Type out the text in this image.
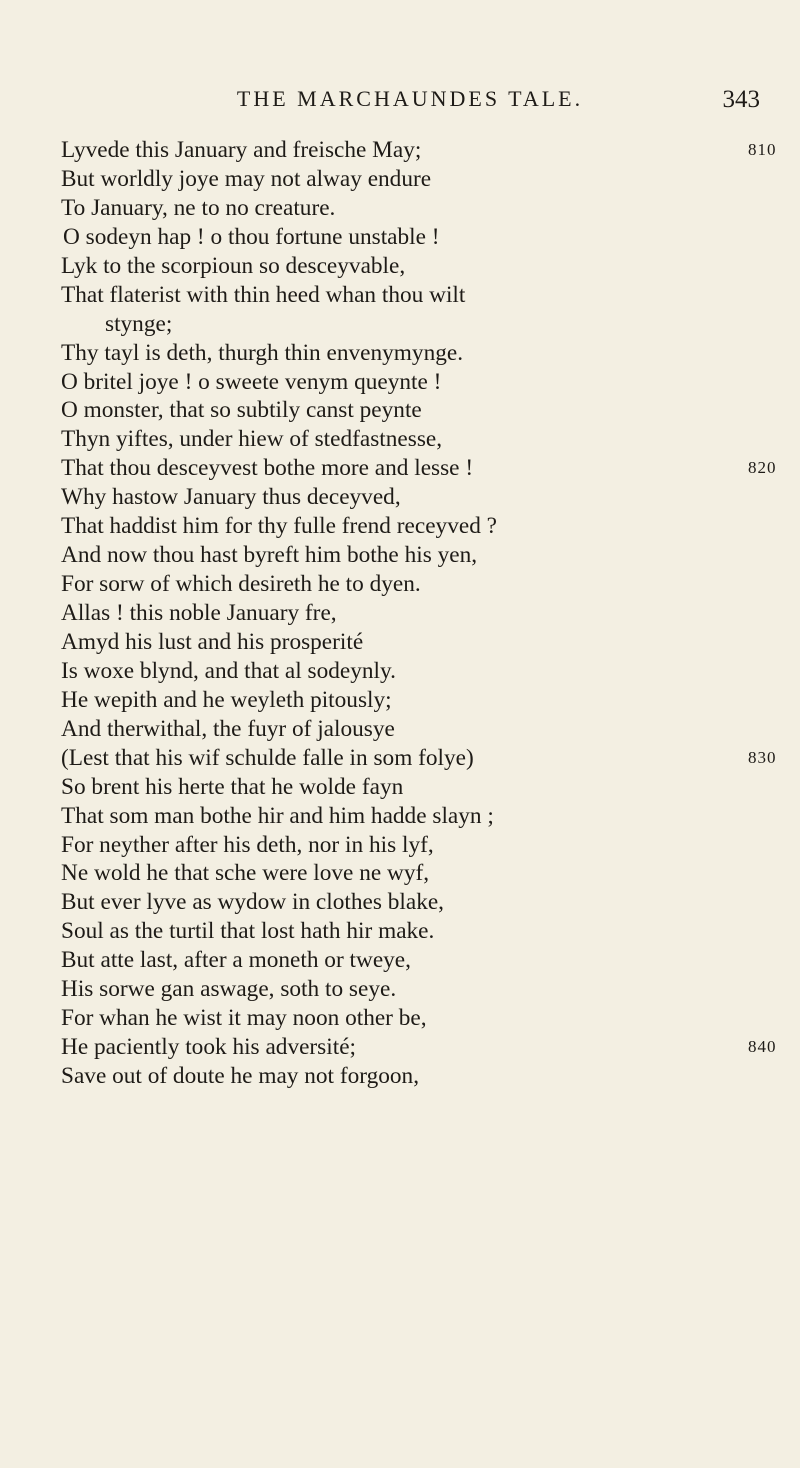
THE MARCHAUNDES TALE.	343
Lyvede this January and freische May;	810
But worldly joye may not alway endure
To January, ne to no creature.
O sodeyn hap ! o thou fortune unstable !
Lyk to the scorpioun so desceyvable,
That flaterist with thin heed whan thou wilt
stynge;
Thy tayl is deth, thurgh thin envenymynge.
O britel joye ! o sweete venym queynte !
O monster, that so subtily canst peynte
Thyn yiftes, under hiew of stedfastnesse,
That thou desceyvest bothe more and lesse !	820
Why hastow January thus deceyved,
That haddist him for thy fulle frend receyved ?
And now thou hast byreft him bothe his yen,
For sorw of which desireth he to dyen.
Allas ! this noble January fre,
Amyd his lust and his prosperité
Is woxe blynd, and that al sodeynly.
He wepith and he weyleth pitously;
And therwithal, the fuyr of jalousye
(Lest that his wif schulde falle in som folye)	830
So brent his herte that he wolde fayn
That som man bothe hir and him hadde slayn ;
For neyther after his deth, nor in his lyf,
Ne wold he that sche were love ne wyf,
But ever lyve as wydow in clothes blake,
Soul as the turtil that lost hath hir make.
But atte last, after a moneth or tweye,
His sorwe gan aswage, soth to seye.
For whan he wist it may noon other be,
He paciently took his adversité;	840
Save out of doute he may not forgoon,
